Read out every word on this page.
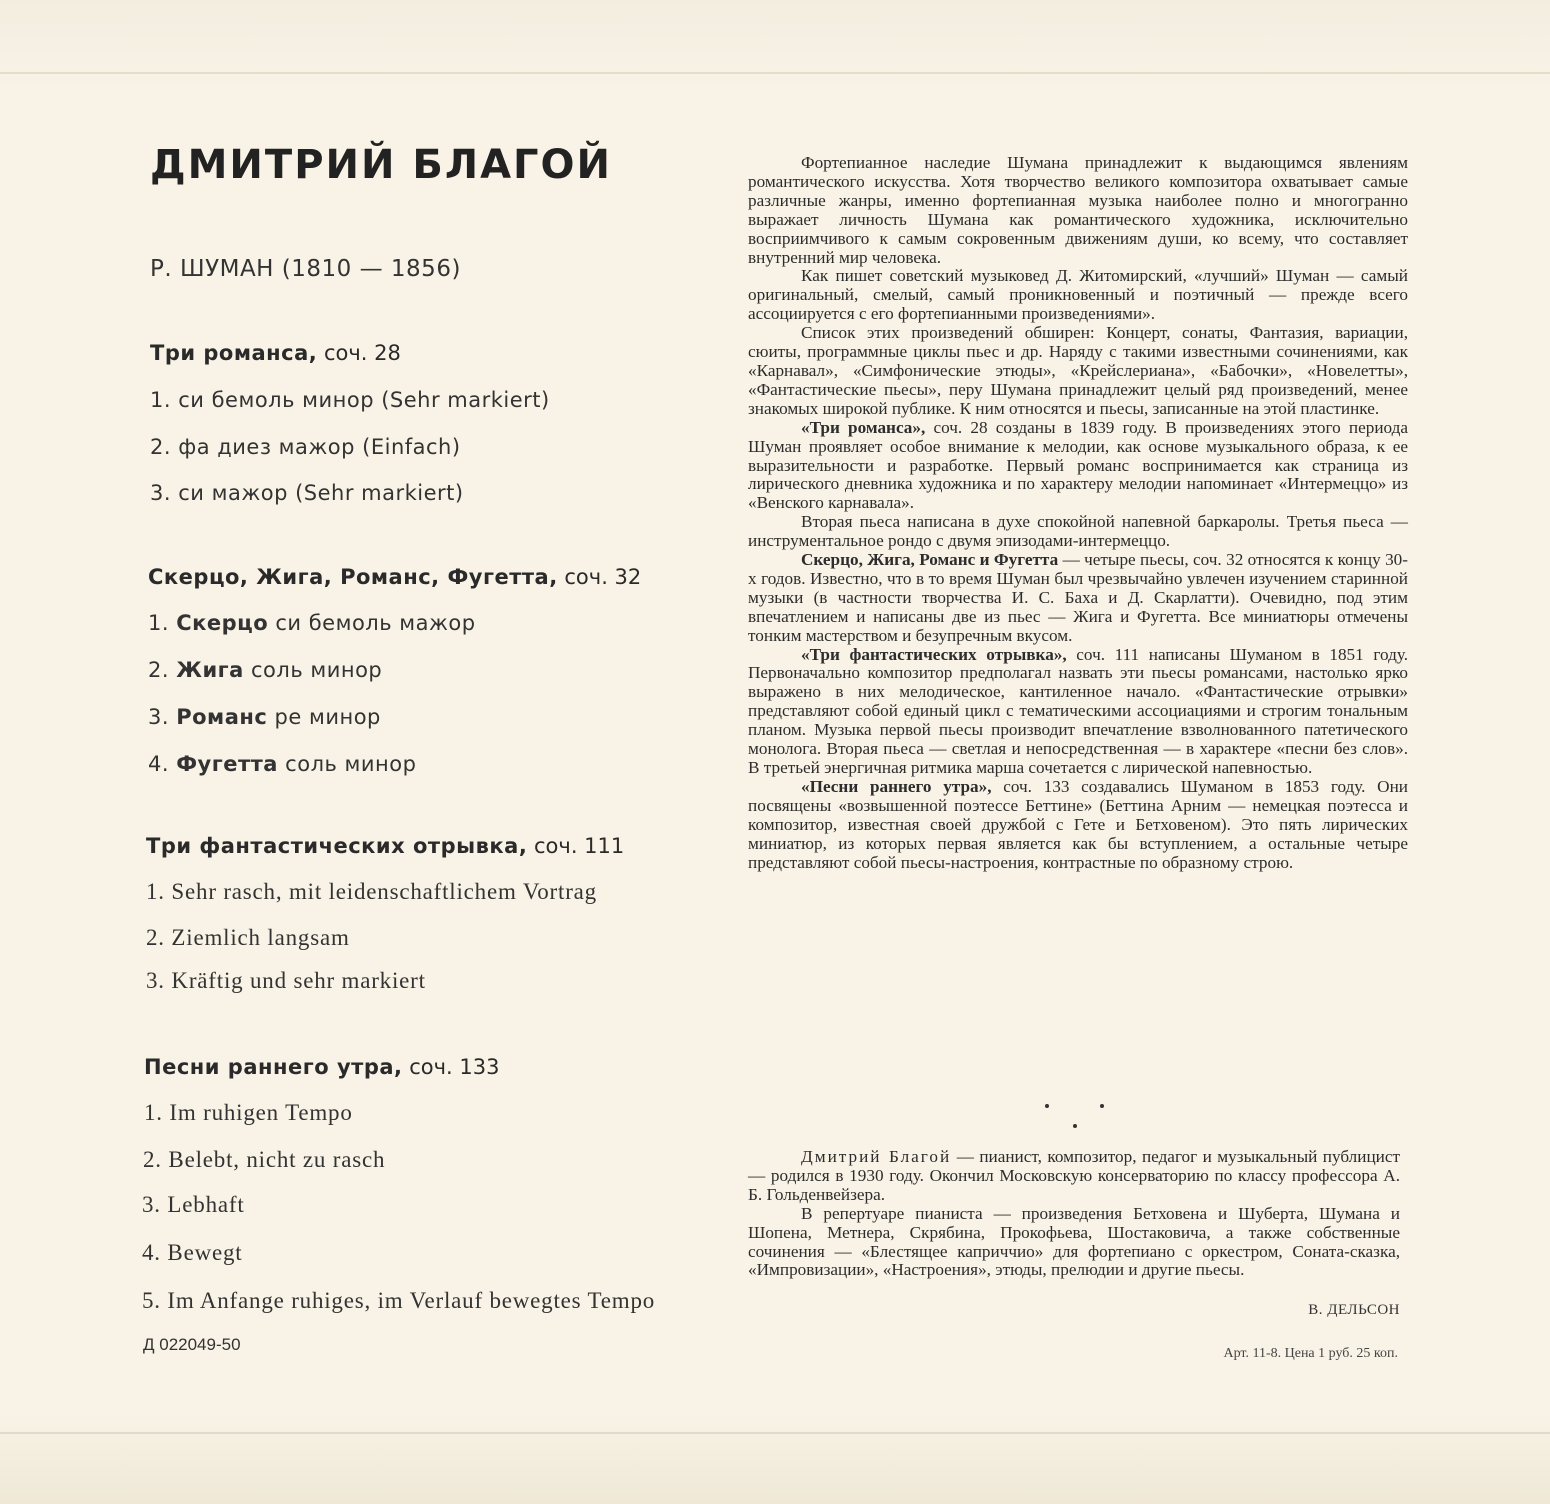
ДМИТРИЙ БЛАГОЙ
Р. ШУМАН (1810 — 1856)
Три романса, соч. 28
1. си бемоль минор (Sehr markiert)
2. фа диез мажор (Einfach)
3. си мажор (Sehr markiert)
Скерцо, Жига, Романс, Фугетта, соч. 32
1. Скерцо си бемоль мажор
2. Жига соль минор
3. Романс ре минор
4. Фугетта соль минор
Три фантастических отрывка, соч. 111
1. Sehr rasch, mit leidenschaftlichem Vortrag
2. Ziemlich langsam
3. Kräftig und sehr markiert
Песни раннего утра, соч. 133
1. Im ruhigen Tempo
2. Belebt, nicht zu rasch
3. Lebhaft
4. Bewegt
5. Im Anfange ruhiges, im Verlauf bewegtes Tempo
Д 022049-50

Фортепианное наследие Шумана принадлежит к выдающимся явлениям романтического искусства. Хотя творчество великого композитора охватывает самые различные жанры, именно фортепианная музыка наиболее полно и многогранно выражает личность Шумана как романтического художника, исключительно восприимчивого к самым сокровенным движениям души, ко всему, что составляет внутренний мир человека.

Как пишет советский музыковед Д. Житомирский, «лучший» Шуман — самый оригинальный, смелый, самый проникновенный и поэтичный — прежде всего ассоциируется с его фортепианными произведениями».

Список этих произведений обширен: Концерт, сонаты, Фантазия, вариации, сюиты, программные циклы пьес и др. Наряду с такими известными сочинениями, как «Карнавал», «Симфонические этюды», «Крейслериана», «Бабочки», «Новелетты», «Фантастические пьесы», перу Шумана принадлежит целый ряд произведений, менее знакомых широкой публике. К ним относятся и пьесы, записанные на этой пластинке.

«Три романса», соч. 28 созданы в 1839 году. В произведениях этого периода Шуман проявляет особое внимание к мелодии, как основе музыкального образа, к ее выразительности и разработке. Первый романс воспринимается как страница из лирического дневника художника и по характеру мелодии напоминает «Интермеццо» из «Венского карнавала».

Вторая пьеса написана в духе спокойной напевной баркаролы. Третья пьеса — инструментальное рондо с двумя эпизодами-интермеццо.

Скерцо, Жига, Романс и Фугетта — четыре пьесы, соч. 32 относятся к концу 30-х годов. Известно, что в то время Шуман был чрезвычайно увлечен изучением старинной музыки (в частности творчества И. С. Баха и Д. Скарлатти). Очевидно, под этим впечатлением и написаны две из пьес — Жига и Фугетта. Все миниатюры отмечены тонким мастерством и безупречным вкусом.

«Три фантастических отрывка», соч. 111 написаны Шуманом в 1851 году. Первоначально композитор предполагал назвать эти пьесы романсами, настолько ярко выражено в них мелодическое, кантиленное начало. «Фантастические отрывки» представляют собой единый цикл с тематическими ассоциациями и строгим тональным планом. Музыка первой пьесы производит впечатление взволнованного патетического монолога. Вторая пьеса — светлая и непосредственная — в характере «песни без слов». В третьей энергичная ритмика марша сочетается с лирической напевностью.

«Песни раннего утра», соч. 133 создавались Шуманом в 1853 году. Они посвящены «возвышенной поэтессе Беттине» (Беттина Арним — немецкая поэтесса и композитор, известная своей дружбой с Гете и Бетховеном). Это пять лирических миниатюр, из которых первая является как бы вступлением, а остальные четыре представляют собой пьесы-настроения, контрастные по образному строю.

Дмитрий Благой — пианист, композитор, педагог и музыкальный публицист — родился в 1930 году. Окончил Московскую консерваторию по классу профессора А. Б. Гольденвейзера.

В репертуаре пианиста — произведения Бетховена и Шуберта, Шумана и Шопена, Метнера, Скрябина, Прокофьева, Шостаковича, а также собственные сочинения — «Блестящее каприччио» для фортепиано с оркестром, Соната-сказка, «Импровизации», «Настроения», этюды, прелюдии и другие пьесы.

В. ДЕЛЬСОН
Арт. 11-8. Цена 1 руб. 25 коп.
